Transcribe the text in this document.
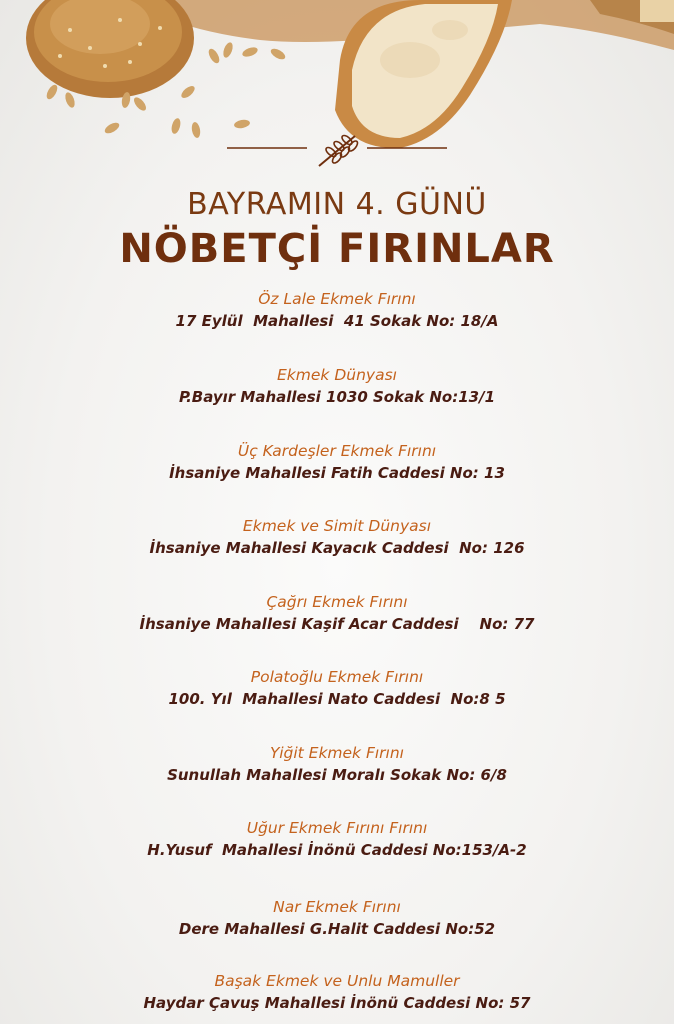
BAYRAMIN 4. GÜNÜ
NÖBETÇİ FIRINLAR
Öz Lale Ekmek Fırını
17 Eylül  Mahallesi  41 Sokak No: 18/A
Ekmek Dünyası
P.Bayır Mahallesi 1030 Sokak No:13/1
Üç Kardeşler Ekmek Fırını
İhsaniye Mahallesi Fatih Caddesi No: 13
Ekmek ve Simit Dünyası
İhsaniye Mahallesi Kayacık Caddesi  No: 126
Çağrı Ekmek Fırını
İhsaniye Mahallesi Kaşif Acar Caddesi    No: 77
Polatoğlu Ekmek Fırını
100. Yıl  Mahallesi Nato Caddesi  No:8 5
Yiğit Ekmek Fırını
Sunullah Mahallesi Moralı Sokak No: 6/8
Uğur Ekmek Fırını Fırını
H.Yusuf  Mahallesi İnönü Caddesi No:153/A-2
Nar Ekmek Fırını
Dere Mahallesi G.Halit Caddesi No:52
Başak Ekmek ve Unlu Mamuller
Haydar Çavuş Mahallesi İnönü Caddesi No: 57
